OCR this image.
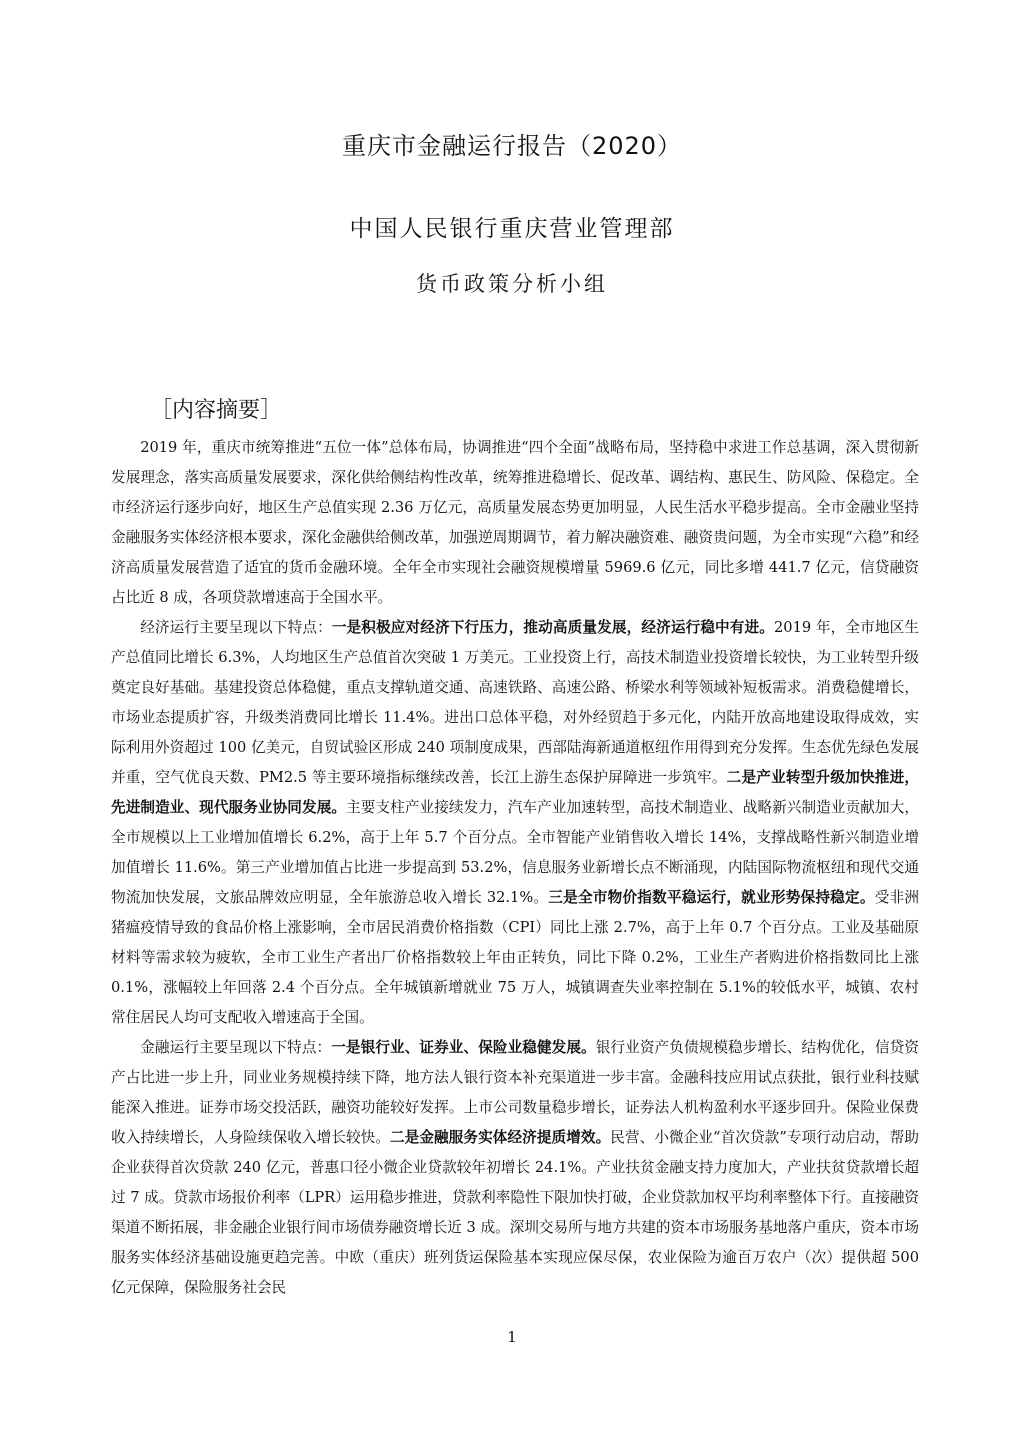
重庆市金融运行报告（2020）
中国人民银行重庆营业管理部
货币政策分析小组
［内容摘要］

2019 年，重庆市统筹推进“五位一体”总体布局，协调推进“四个全面”战略布局，坚持稳中求进工作总基调，深入贯彻新发展理念，落实高质量发展要求，深化供给侧结构性改革，统筹推进稳增长、促改革、调结构、惠民生、防风险、保稳定。全市经济运行逐步向好，地区生产总值实现 2.36 万亿元，高质量发展态势更加明显，人民生活水平稳步提高。全市金融业坚持金融服务实体经济根本要求，深化金融供给侧改革，加强逆周期调节，着力解决融资难、融资贵问题，为全市实现“六稳”和经济高质量发展营造了适宜的货币金融环境。全年全市实现社会融资规模增量 5969.6 亿元，同比多增 441.7 亿元，信贷融资占比近 8 成，各项贷款增速高于全国水平。

经济运行主要呈现以下特点：一是积极应对经济下行压力，推动高质量发展，经济运行稳中有进。2019 年，全市地区生产总值同比增长 6.3%，人均地区生产总值首次突破 1 万美元。工业投资上行，高技术制造业投资增长较快，为工业转型升级奠定良好基础。基建投资总体稳健，重点支撑轨道交通、高速铁路、高速公路、桥梁水利等领域补短板需求。消费稳健增长，市场业态提质扩容，升级类消费同比增长 11.4%。进出口总体平稳，对外经贸趋于多元化，内陆开放高地建设取得成效，实际利用外资超过 100 亿美元，自贸试验区形成 240 项制度成果，西部陆海新通道枢纽作用得到充分发挥。生态优先绿色发展并重，空气优良天数、PM2.5 等主要环境指标继续改善，长江上游生态保护屏障进一步筑牢。二是产业转型升级加快推进，先进制造业、现代服务业协同发展。主要支柱产业接续发力，汽车产业加速转型，高技术制造业、战略新兴制造业贡献加大，全市规模以上工业增加值增长 6.2%，高于上年 5.7 个百分点。全市智能产业销售收入增长 14%，支撑战略性新兴制造业增加值增长 11.6%。第三产业增加值占比进一步提高到 53.2%，信息服务业新增长点不断涌现，内陆国际物流枢纽和现代交通物流加快发展，文旅品牌效应明显，全年旅游总收入增长 32.1%。三是全市物价指数平稳运行，就业形势保持稳定。受非洲猪瘟疫情导致的食品价格上涨影响，全市居民消费价格指数（CPI）同比上涨 2.7%，高于上年 0.7 个百分点。工业及基础原材料等需求较为疲软，全市工业生产者出厂价格指数较上年由正转负，同比下降 0.2%，工业生产者购进价格指数同比上涨 0.1%，涨幅较上年回落 2.4 个百分点。全年城镇新增就业 75 万人，城镇调查失业率控制在 5.1%的较低水平，城镇、农村常住居民人均可支配收入增速高于全国。

金融运行主要呈现以下特点：一是银行业、证券业、保险业稳健发展。银行业资产负债规模稳步增长、结构优化，信贷资产占比进一步上升，同业业务规模持续下降，地方法人银行资本补充渠道进一步丰富。金融科技应用试点获批，银行业科技赋能深入推进。证券市场交投活跃，融资功能较好发挥。上市公司数量稳步增长，证券法人机构盈利水平逐步回升。保险业保费收入持续增长，人身险续保收入增长较快。二是金融服务实体经济提质增效。民营、小微企业“首次贷款”专项行动启动，帮助企业获得首次贷款 240 亿元，普惠口径小微企业贷款较年初增长 24.1%。产业扶贫金融支持力度加大，产业扶贫贷款增长超过 7 成。贷款市场报价利率（LPR）运用稳步推进，贷款利率隐性下限加快打破，企业贷款加权平均利率整体下行。直接融资渠道不断拓展，非金融企业银行间市场债券融资增长近 3 成。深圳交易所与地方共建的资本市场服务基地落户重庆，资本市场服务实体经济基础设施更趋完善。中欧（重庆）班列货运保险基本实现应保尽保，农业保险为逾百万农户（次）提供超 500 亿元保障，保险服务社会民

1
